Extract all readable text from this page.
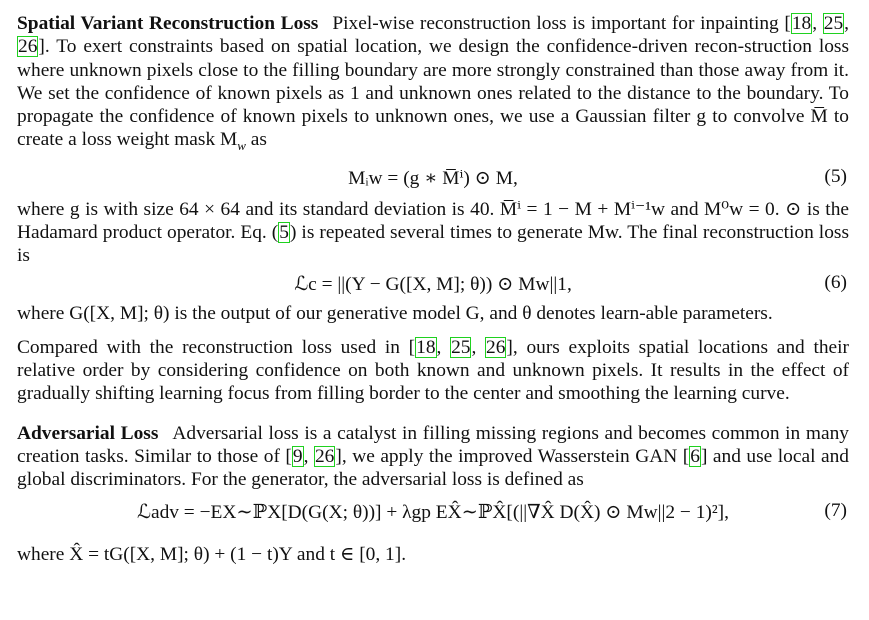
Spatial Variant Reconstruction Loss Pixel-wise reconstruction loss is important for inpainting [18, 25, 26]. To exert constraints based on spatial location, we design the confidence-driven recon-struction loss where unknown pixels close to the filling boundary are more strongly constrained than those away from it. We set the confidence of known pixels as 1 and unknown ones related to the distance to the boundary. To propagate the confidence of known pixels to unknown ones, we use a Gaussian filter g to convolve M̅ to create a loss weight mask $M_w$ as

Mᵢw = (g ∗ M̅ⁱ) ⊙ M,	(5)

where g is with size 64 × 64 and its standard deviation is 40. M̅ⁱ = 1 − M + Mⁱ⁻¹w and M⁰w = 0. ⊙ is the Hadamard product operator. Eq. (5) is repeated several times to generate Mw. The final reconstruction loss is

ℒc = ||(Y − G([X, M]; θ)) ⊙ Mw||1,	(6)

where G([X, M]; θ) is the output of our generative model G, and θ denotes learn-able parameters.

Compared with the reconstruction loss used in [18, 25, 26], ours exploits spatial locations and their relative order by considering confidence on both known and unknown pixels. It results in the effect of gradually shifting learning focus from filling border to the center and smoothing the learning curve.

Adversarial Loss Adversarial loss is a catalyst in filling missing regions and becomes common in many creation tasks. Similar to those of [9, 26], we apply the improved Wasserstein GAN [6] and use local and global discriminators. For the generator, the adversarial loss is defined as

ℒadv = −EX∼ℙX[D(G(X; θ))] + λgp EX̂∼ℙX̂[(||∇X̂ D(X̂) ⊙ Mw||2 − 1)²],	(7)

where X̂ = tG([X, M]; θ) + (1 − t)Y and t ∈ [0, 1].
